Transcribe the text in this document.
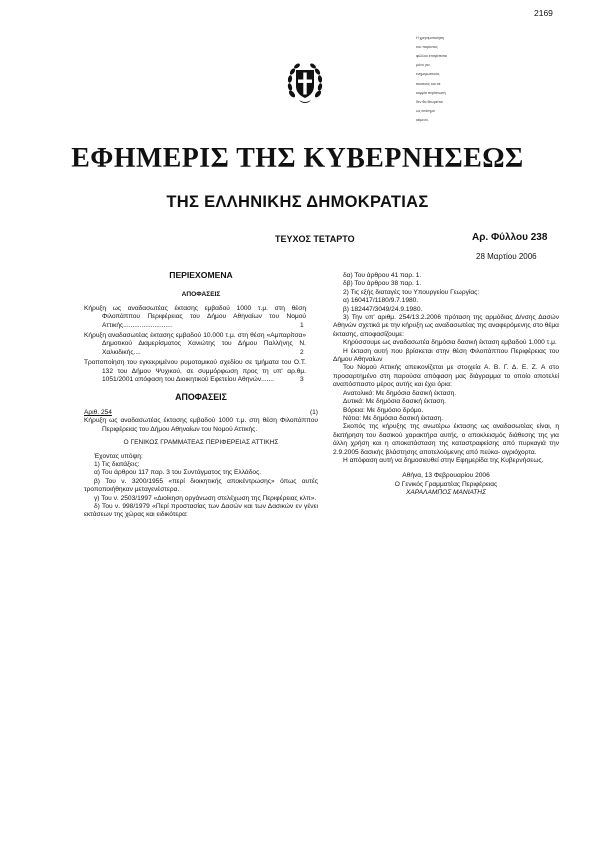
2169

Η χρησιμοποίηση

του παρόντος

φύλλου επιτρέπεται

μόνο για

ενημερωτικούς

σκοπούς και σε

καμμία περίπτωση

δεν θα θεωρείται

ως επίσημο

κείμενο.

ΕΦΗΜΕΡΙΣ ΤΗΣ ΚΥΒΕΡΝΗΣΕΩΣ
ΤΗΣ ΕΛΛΗΝΙΚΗΣ ΔΗΜΟΚΡΑΤΙΑΣ
ΤΕΥΧΟΣ ΤΕΤΑΡΤΟ	Αρ. Φύλλου 238
28 Μαρτίου 2006
ΠΕΡΙΕΧΟΜΕΝΑ
ΑΠΟΦΑΣΕΙΣ
Κήρυξη ως αναδασωτέας έκτασης εμβαδού 1000 τ.μ. στη θέση Φιλοπάππου Περιφέρειας του Δήμου Αθηναίων του Νομού Αττικής...........................	1
Κήρυξη αναδασωτέας έκτασης εμβαδού 10.000 τ.μ. στη θέση «Αμπαρίτσα» Δημοτικού Διαμερίσματος Χανιώτης του Δήμου Παλλήνης Ν. Χαλκιδικής....	2
Τροποποίηση του εγκεκριμένου ρυμοτομικού σχεδίου σε τμήματα του Ο.Τ. 132 του Δήμου Ψυχικού, σε συμμόρφωση προς τη υπ' αρ.θμ. 1051/2001 απόφαση του Διοικητικού Εφετείου Αθηνών.......	3
ΑΠΟΦΑΣΕΙΣ
Αριθ. 254	(1)

Κήρυξη ως αναδασωτέας έκτασης εμβαδού 1000 τ.μ. στη θέση Φιλοπάππου Περιφέρειας του Δήμου Αθηναίων του Νομού Αττικής.

Ο ΓΕΝΙΚΟΣ ΓΡΑΜΜΑΤΕΑΣ ΠΕΡΙΦΕΡΕΙΑΣ ΑΤΤΙΚΗΣ

Έχοντας υπόψη:

1) Τις διατάξεις:

α) Του άρθρου 117 παρ. 3 του Συντάγματος της Ελλάδος.

β) Του ν. 3200/1955 «περί διοικητικής αποκέντρωσης» όπως αυτές τροποποιήθηκαν μεταγενέστερα.

γ) Του ν. 2503/1997 «Διοίκηση οργάνωση στελέχωση της Περιφέρειας κλπ».

δ) Του ν. 998/1979 «Περί προστασίας των Δασών και των Δασικών εν γένει εκτάσεων της χώρας και ειδικότερα:

δα) Του άρθρου 41 παρ. 1.

δβ) Του άρθρου 38 παρ. 1.

2) Τις εξής διαταγές του Υπουργείου Γεωργίας:

α) 160417/1180/9.7.1980.

β) 182447/3049/24.9.1980.

3) Την υπ' αριθμ. 254/13.2.2006 πρόταση της αρμόδιας Δ/νσης Δασών Αθηνών σχετικά με την κήρυξη ως αναδασωτέας της αναφερόμενης στο θέμα έκτασης, αποφασίζουμε:

Κηρύσσουμε ως αναδασωτέα δημόσια δασική έκταση εμβαδού 1.000 τ.μ.

Η έκταση αυτή που βρίσκεται στην θέση Φιλοπάππου Περιφέρειας του Δήμου Αθηναίων

Του Νομού Αττικής απεικονίζεται με στοιχεία Α. Β. Γ. Δ. Ε. Ζ. Α στο προσαρτημένο στη παρούσα απόφαση μας διάγραμμα το οποίο αποτελεί αναπόσπαστο μέρος αυτής και έχει όρια:

Ανατολικά: Με δημόσια δασική έκταση.

Δυτικά: Με δημόσια δασική έκταση.

Βόρεια: Με δημόσιο δρόμο.

Νότια: Με δημόσια δασική έκταση.

Σκοπός της κήρυξης της ανωτέρω έκτασης ως αναδασωτέας είναι, η διατήρηση του δασικού χαρακτήρα αυτής, ο αποκλεισμός διάθεσης της για άλλη χρήση και η αποκατάσταση της καταστραφείσης από πυρκαγιά την 2.9.2005 δασικής βλάστησης αποτελούμενης από πεύκα- αγριόχορτα.

Η απόφαση αυτή να δημοσιευθεί στην Εφημερίδα της Κυβερνήσεως.

Αθήνα, 13 Φεβρουαρίου 2006

Ο Γενικός Γραμματέας Περιφέρειας

ΧΑΡΑΛΑΜΠΟΣ ΜΑΝΙΑΤΗΣ
